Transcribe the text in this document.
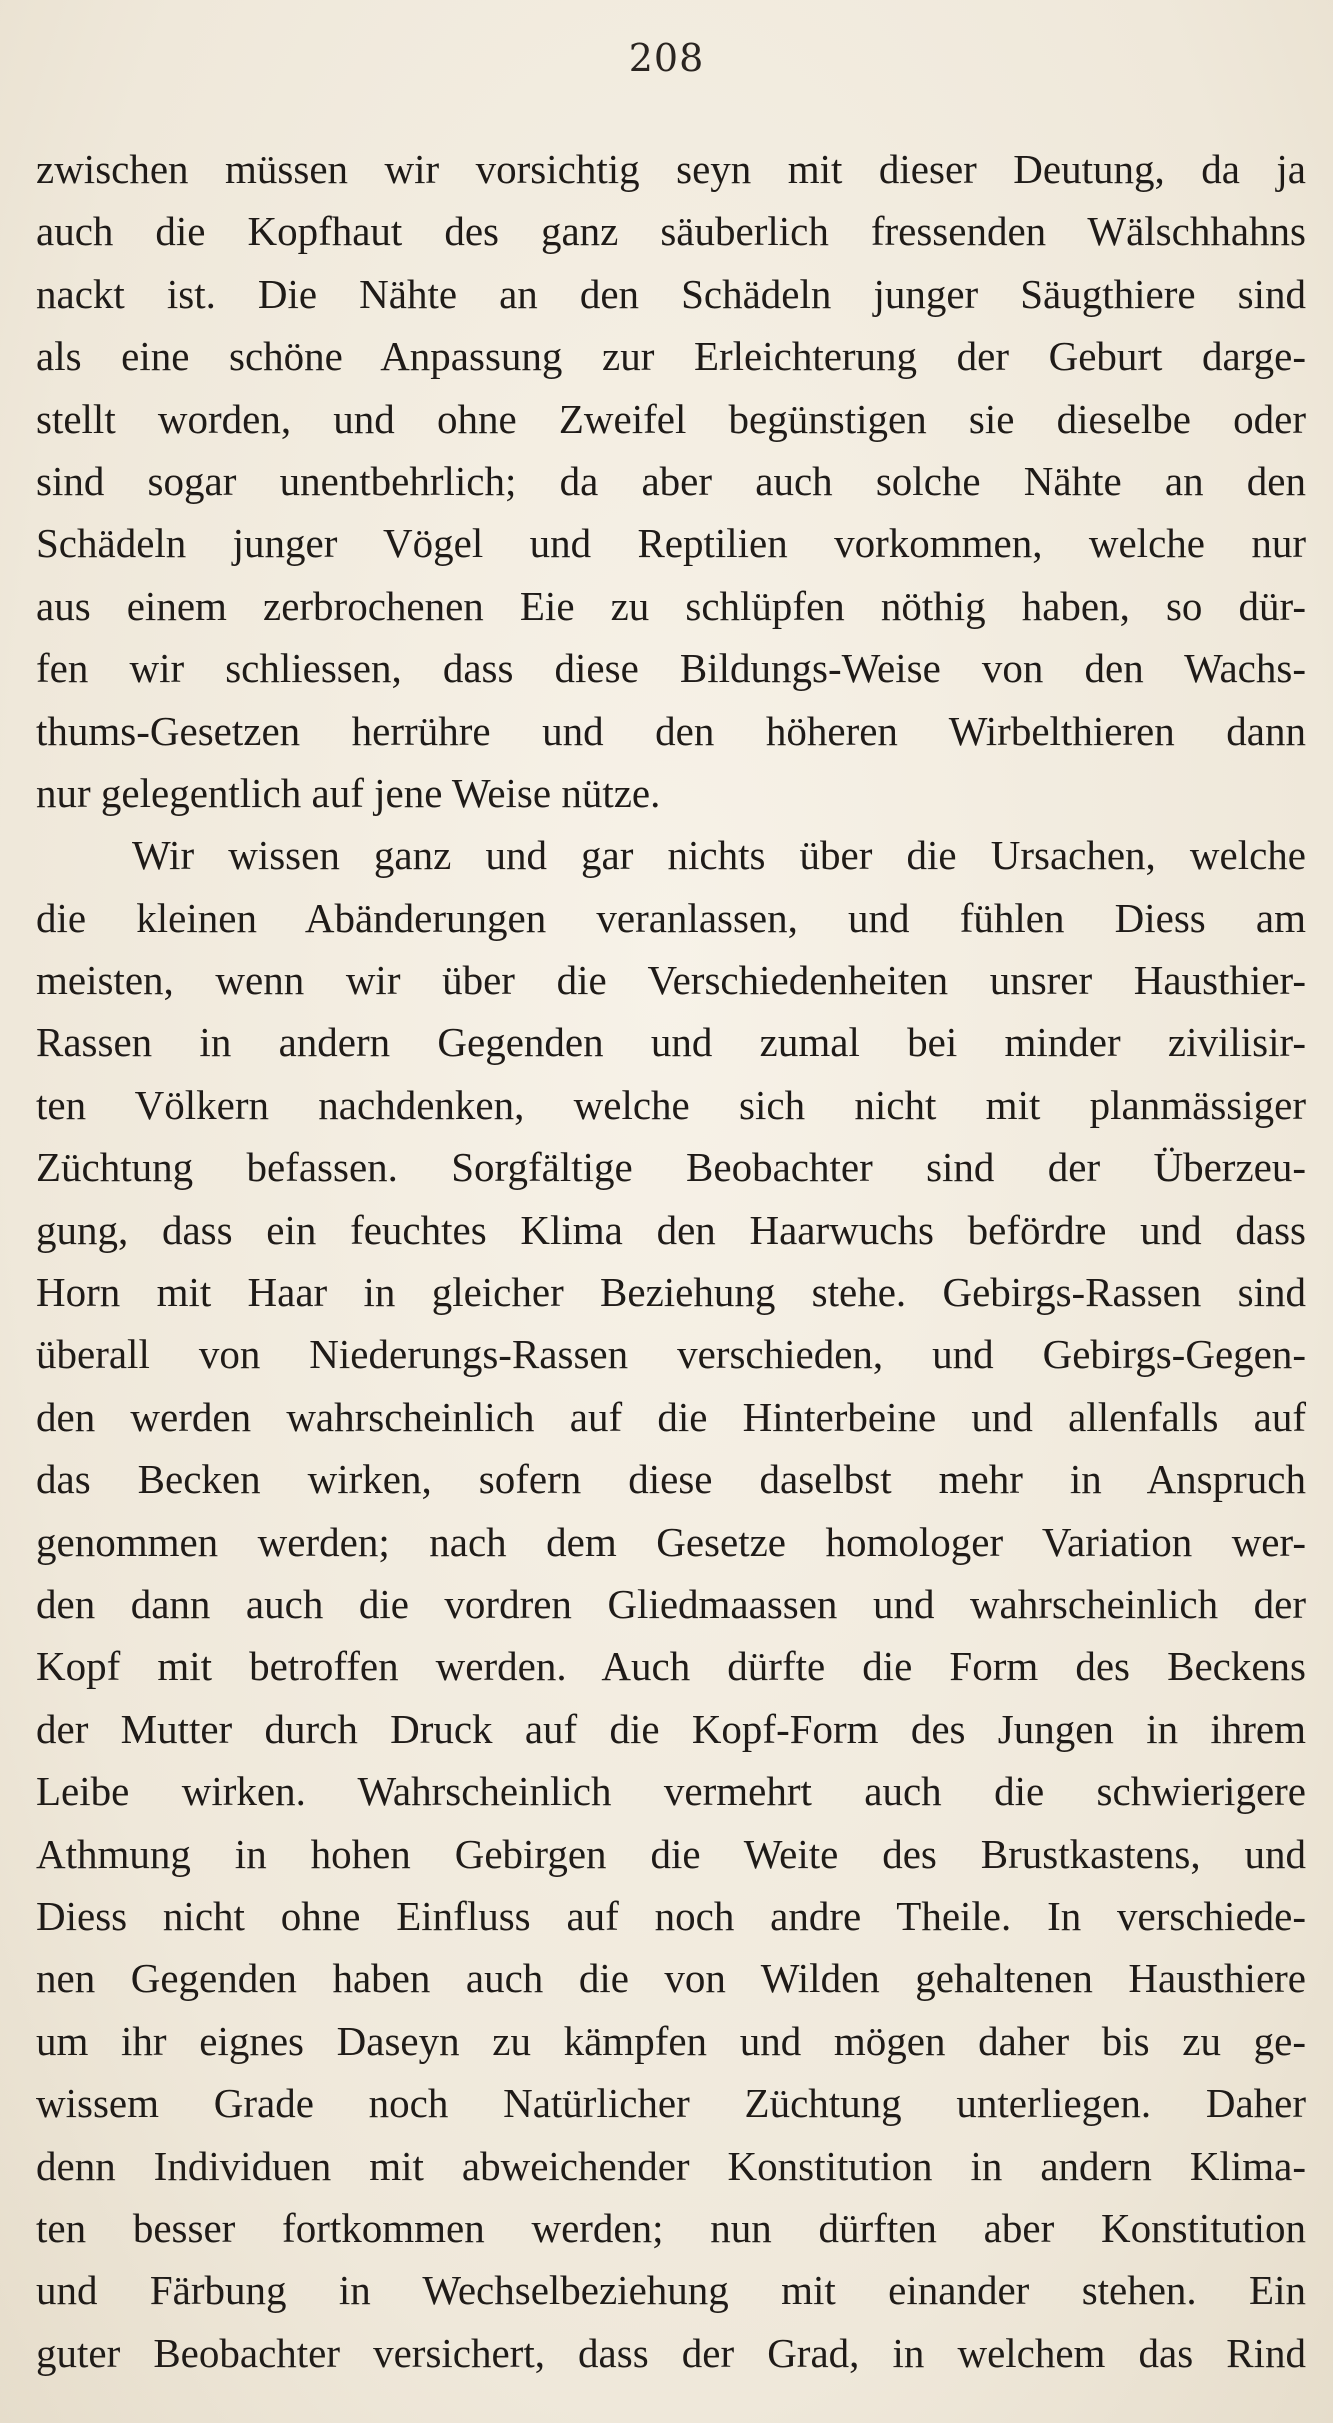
208
zwischen müssen wir vorsichtig seyn mit dieser Deutung, da ja
auch die Kopfhaut des ganz säuberlich fressenden Wälschhahns
nackt ist. Die Nähte an den Schädeln junger Säugthiere sind
als eine schöne Anpassung zur Erleichterung der Geburt darge-
stellt worden, und ohne Zweifel begünstigen sie dieselbe oder
sind sogar unentbehrlich; da aber auch solche Nähte an den
Schädeln junger Vögel und Reptilien vorkommen, welche nur
aus einem zerbrochenen Eie zu schlüpfen nöthig haben, so dür-
fen wir schliessen, dass diese Bildungs-Weise von den Wachs-
thums-Gesetzen herrühre und den höheren Wirbelthieren dann
nur gelegentlich auf jene Weise nütze.
Wir wissen ganz und gar nichts über die Ursachen, welche
die kleinen Abänderungen veranlassen, und fühlen Diess am
meisten, wenn wir über die Verschiedenheiten unsrer Hausthier-
Rassen in andern Gegenden und zumal bei minder zivilisir-
ten Völkern nachdenken, welche sich nicht mit planmässiger
Züchtung befassen. Sorgfältige Beobachter sind der Überzeu-
gung, dass ein feuchtes Klima den Haarwuchs befördre und dass
Horn mit Haar in gleicher Beziehung stehe. Gebirgs-Rassen sind
überall von Niederungs-Rassen verschieden, und Gebirgs-Gegen-
den werden wahrscheinlich auf die Hinterbeine und allenfalls auf
das Becken wirken, sofern diese daselbst mehr in Anspruch
genommen werden; nach dem Gesetze homologer Variation wer-
den dann auch die vordren Gliedmaassen und wahrscheinlich der
Kopf mit betroffen werden. Auch dürfte die Form des Beckens
der Mutter durch Druck auf die Kopf-Form des Jungen in ihrem
Leibe wirken. Wahrscheinlich vermehrt auch die schwierigere
Athmung in hohen Gebirgen die Weite des Brustkastens, und
Diess nicht ohne Einfluss auf noch andre Theile. In verschiede-
nen Gegenden haben auch die von Wilden gehaltenen Hausthiere
um ihr eignes Daseyn zu kämpfen und mögen daher bis zu ge-
wissem Grade noch Natürlicher Züchtung unterliegen. Daher
denn Individuen mit abweichender Konstitution in andern Klima-
ten besser fortkommen werden; nun dürften aber Konstitution
und Färbung in Wechselbeziehung mit einander stehen. Ein
guter Beobachter versichert, dass der Grad, in welchem das Rind
